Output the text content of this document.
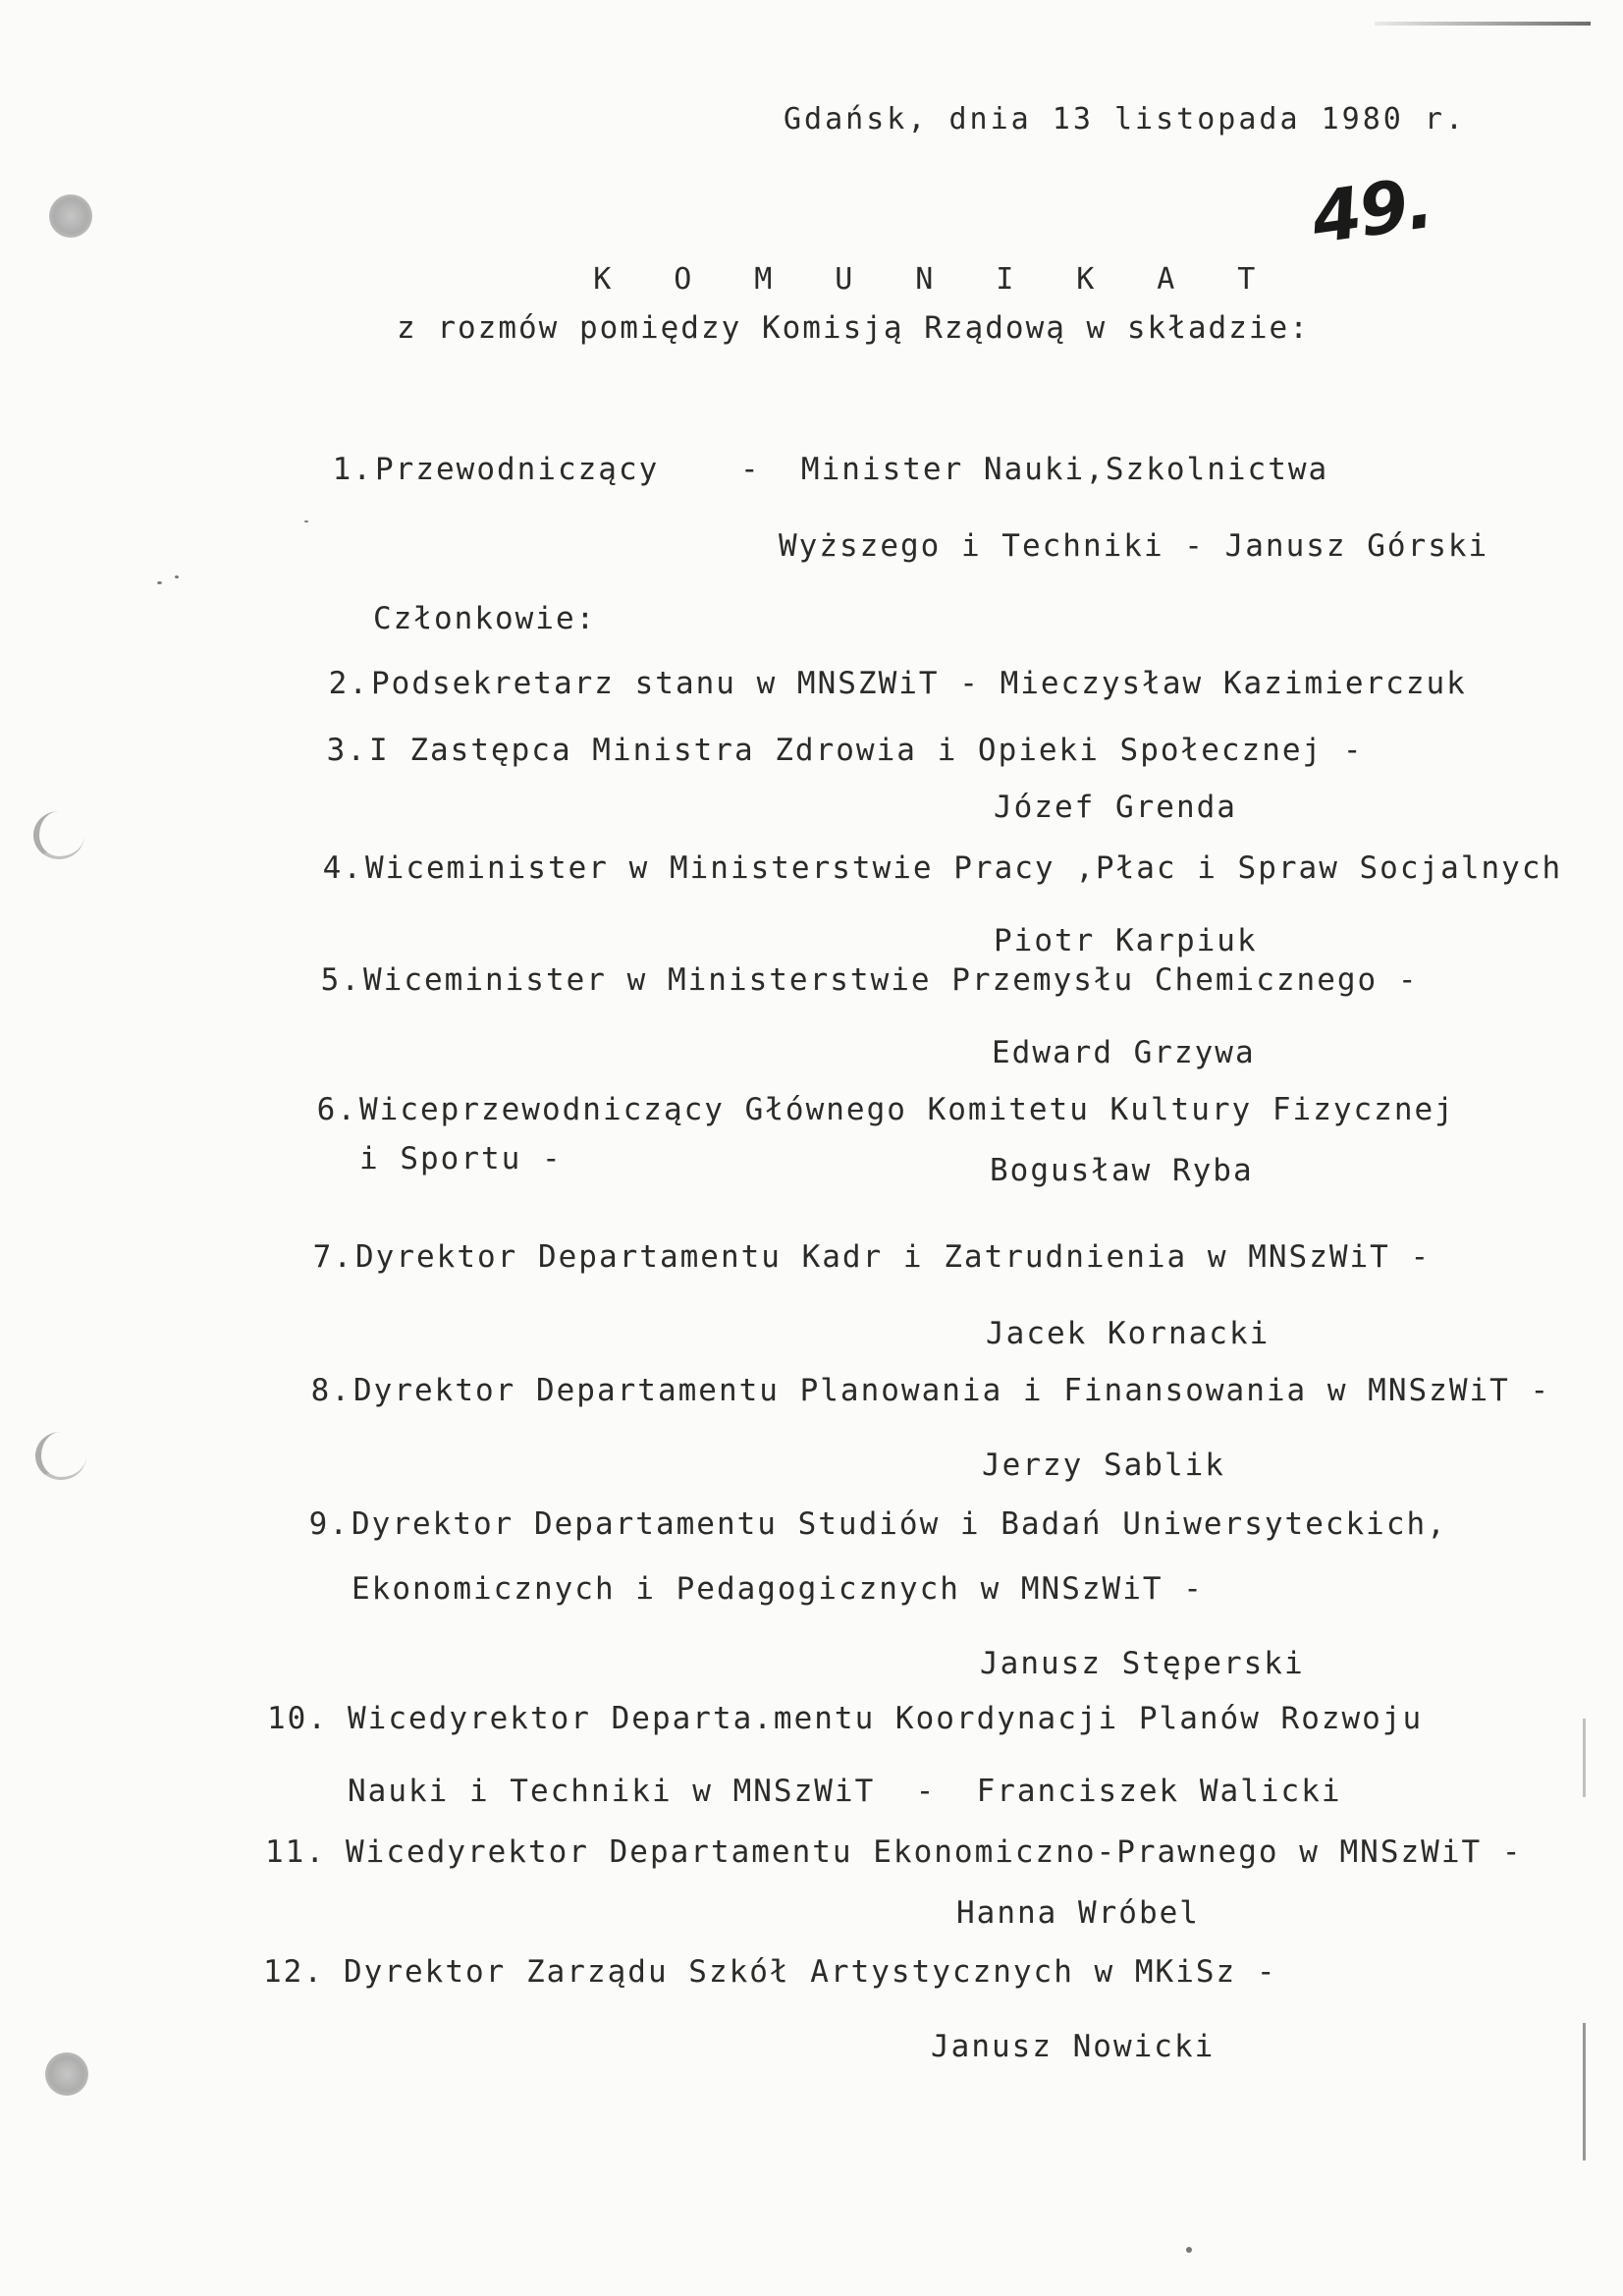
Gdańsk, dnia 13 listopada 1980 r.
49.

K O M U N I K A T

z rozmów pomiędzy Komisją Rządową w składzie:
1. Przewodniczący    -  Minister Nauki,Szkolnictwa
Wyższego i Techniki - Janusz Górski
Członkowie:
2. Podsekretarz stanu w MNSZWiT - Mieczysław Kazimierczuk
3. I Zastępca Ministra Zdrowia i Opieki Społecznej -
Józef Grenda
4. Wiceminister w Ministerstwie Pracy ,Płac i Spraw Socjalnych
Piotr Karpiuk
5. Wiceminister w Ministerstwie Przemysłu Chemicznego -
Edward Grzywa
6. Wiceprzewodniczący Głównego Komitetu Kultury Fizycznej
i Sportu -	Bogusław Ryba
7. Dyrektor Departamentu Kadr i Zatrudnienia w MNSzWiT -
Jacek Kornacki
8. Dyrektor Departamentu Planowania i Finansowania w MNSzWiT -
Jerzy Sablik
9. Dyrektor Departamentu Studiów i Badań Uniwersyteckich,
Ekonomicznych i Pedagogicznych w MNSzWiT -
Janusz Stęperski
10. Wicedyrektor Departa.mentu Koordynacji Planów Rozwoju
Nauki i Techniki w MNSzWiT  -  Franciszek Walicki
11. Wicedyrektor Departamentu Ekonomiczno-Prawnego w MNSzWiT -
Hanna Wróbel
12. Dyrektor Zarządu Szkół Artystycznych w MKiSz -
Janusz Nowicki
